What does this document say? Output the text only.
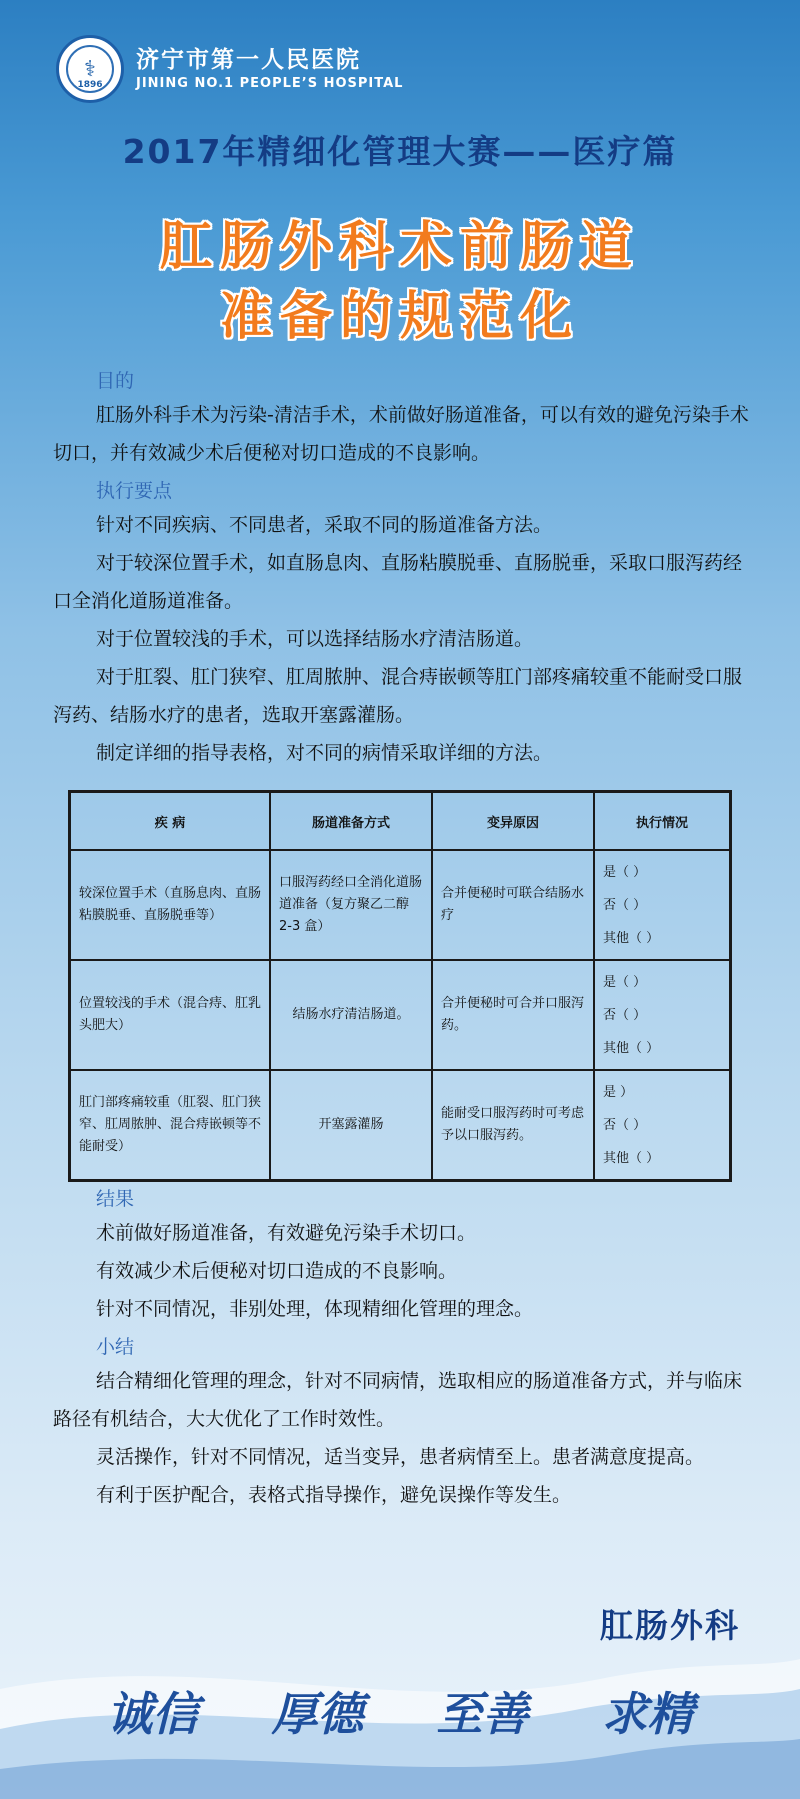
⚕
1896
济宁市第一人民医院
JINING NO.1 PEOPLE’S HOSPITAL
2017年精细化管理大赛——医疗篇
肛肠外科术前肠道
准备的规范化
目的

肛肠外科手术为污染-清洁手术，术前做好肠道准备，可以有效的避免污染手术切口，并有效减少术后便秘对切口造成的不良影响。

执行要点

针对不同疾病、不同患者，采取不同的肠道准备方法。

对于较深位置手术，如直肠息肉、直肠粘膜脱垂、直肠脱垂，采取口服泻药经口全消化道肠道准备。

对于位置较浅的手术，可以选择结肠水疗清洁肠道。

对于肛裂、肛门狭窄、肛周脓肿、混合痔嵌顿等肛门部疼痛较重不能耐受口服泻药、结肠水疗的患者，选取开塞露灌肠。

制定详细的指导表格，对不同的病情采取详细的方法。

疾 病	肠道准备方式	变异原因	执行情况
较深位置手术（直肠息肉、直肠粘膜脱垂、直肠脱垂等）	口服泻药经口全消化道肠道准备（复方聚乙二醇 2-3 盒）	合并便秘时可联合结肠水疗	是（ ）
否（ ）
其他（ ）

位置较浅的手术（混合痔、肛乳头肥大）	结肠水疗清洁肠道。	合并便秘时可合并口服泻药。	是（ ）
否（ ）
其他（ ）

肛门部疼痛较重（肛裂、肛门狭窄、肛周脓肿、混合痔嵌顿等不能耐受）	开塞露灌肠	能耐受口服泻药时可考虑予以口服泻药。	是 ）
否（ ）
其他（ ）
结果

术前做好肠道准备，有效避免污染手术切口。

有效减少术后便秘对切口造成的不良影响。

针对不同情况，非别处理，体现精细化管理的理念。

小结

结合精细化管理的理念，针对不同病情，选取相应的肠道准备方式，并与临床路径有机结合，大大优化了工作时效性。

灵活操作，针对不同情况，适当变异，患者病情至上。患者满意度提高。

有利于医护配合，表格式指导操作，避免误操作等发生。

肛肠外科
诚信 厚德 至善 求精
